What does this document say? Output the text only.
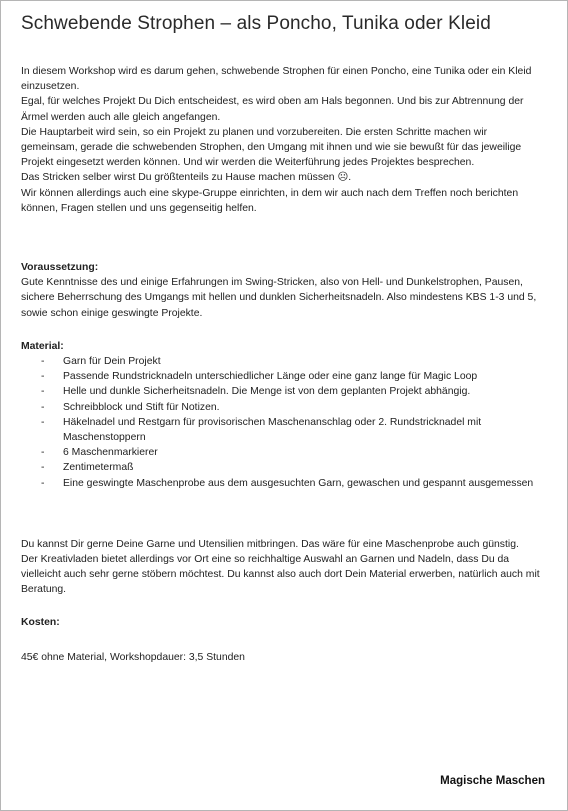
Schwebende Strophen – als Poncho, Tunika oder Kleid

In diesem Workshop wird es darum gehen, schwebende Strophen für einen Poncho, eine Tunika oder ein Kleid einzusetzen.

Egal, für welches Projekt Du Dich entscheidest, es wird oben am Hals begonnen. Und bis zur Abtrennung der Ärmel werden auch alle gleich angefangen.

Die Hauptarbeit wird sein, so ein Projekt zu planen und vorzubereiten. Die ersten Schritte machen wir gemeinsam, gerade die schwebenden Strophen, den Umgang mit ihnen und wie sie bewußt für das jeweilige Projekt eingesetzt werden können. Und wir werden die Weiterführung jedes Projektes besprechen.

Das Stricken selber wirst Du größtenteils zu Hause machen müssen ☹.

Wir können allerdings auch eine skype-Gruppe einrichten, in dem wir auch nach dem Treffen noch berichten können, Fragen stellen und uns gegenseitig helfen.

Voraussetzung:

Gute Kenntnisse des und einige Erfahrungen im Swing-Stricken, also von Hell- und Dunkelstrophen, Pausen, sichere Beherrschung des Umgangs mit hellen und dunklen Sicherheitsnadeln. Also mindestens KBS 1-3 und 5, sowie schon einige geswingte Projekte.

Material:

- Garn für Dein Projekt
- Passende Rundstricknadeln unterschiedlicher Länge oder eine ganz lange für Magic Loop
- Helle und dunkle Sicherheitsnadeln. Die Menge ist von dem geplanten Projekt abhängig.
- Schreibblock und Stift für Notizen.
- Häkelnadel und Restgarn für provisorischen Maschenanschlag oder 2. Rundstricknadel mit Maschenstoppern
- 6 Maschenmarkierer
- Zentimetermaß
- Eine geswingte Maschenprobe aus dem ausgesuchten Garn, gewaschen und gespannt ausgemessen

Du kannst Dir gerne Deine Garne und Utensilien mitbringen. Das wäre für eine Maschenprobe auch günstig.

Der Kreativladen bietet allerdings vor Ort eine so reichhaltige Auswahl an Garnen und Nadeln, dass Du da vielleicht auch sehr gerne stöbern möchtest. Du kannst also auch dort Dein Material erwerben, natürlich auch mit Beratung.

Kosten:

45€ ohne Material, Workshopdauer: 3,5 Stunden

Magische Maschen
